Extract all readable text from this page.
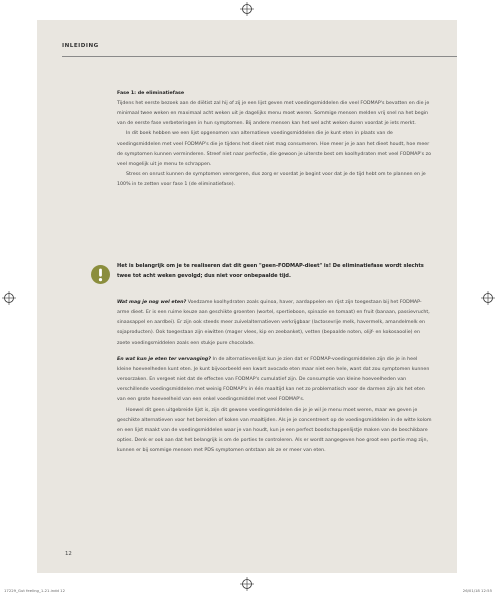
INLEIDING

Fase 1: de eliminatiefase

Tijdens het eerste bezoek aan de diëtist zal hij of zij je een lijst geven met voedingsmiddelen die veel FODMAP's bevatten en die je minimaal twee weken en maximaal acht weken uit je dagelijks menu moet weren. Sommige mensen melden vrij snel na het begin van de eerste fase verbeteringen in hun symptomen. Bij andere mensen kan het wel acht weken duren voordat je iets merkt.

In dit boek hebben we een lijst opgenomen van alternatieve voedingsmiddelen die je kunt eten in plaats van de voedingsmiddelen met veel FODMAP's die je tijdens het dieet niet mag consumeren. Hoe meer je je aan het dieet houdt, hoe meer de symptomen kunnen verminderen. Streef niet naar perfectie, die gewoon je uiterste best om koolhydraten met veel FODMAP's zo veel mogelijk uit je menu te schrappen.

Stress en onrust kunnen de symptomen verergeren, dus zorg er voordat je begint voor dat je de tijd hebt om te plannen en je 100% in te zetten voor fase 1 (de eliminatiefase).

Het is belangrijk om je te realiseren dat dit geen "geen-FODMAP-dieet" is! De eliminatiefase wordt slechts twee tot acht weken gevolgd; dus niet voor onbepaalde tijd.

Wat mag je nog wel eten? Voedzame koolhydraten zoals quinoa, haver, aardappelen en rijst zijn toegestaan bij het FODMAP-arme dieet. Er is een ruime keuze aan geschikte groenten (wortel, spertieboon, spinazie en tomaat) en fruit (banaan, passievrucht, sinaasappel en aardbei). Er zijn ook steeds meer zuivelalternatieven verkrijgbaar (lactosevrije melk, havermelk, amandelmelk en sojaproducten). Ook toegestaan zijn eiwitten (mager vlees, kip en zeebanket), vetten (bepaalde noten, olijf- en kokosaoolie) en zoete voedingsmiddelen zoals een stukje pure chocolade.

En wat kun je eten ter vervanging? In de alternatievenlijst kun je zien dat er FODMAP-voedingsmiddelen zijn die je in heel kleine hoeveelheden kunt eten. Je kunt bijvoorbeeld een kwart avocado eten maar niet een hele, want dat zou symptomen kunnen veroorzaken. En vergeet niet dat de effecten van FODMAP's cumulatief zijn. De consumptie van kleine hoeveelheden van verschillende voedingsmiddelen met weinig FODMAP's in één maaltijd kan net zo problematisch voor de darmen zijn als het eten van een grote hoeveelheid van een enkel voedingsmiddel met veel FODMAP's.

Hoewel dit geen uitgebreide lijst is, zijn dit gewone voedingsmiddelen die je je wil je menu moet weren, maar we geven je geschikte alternatieven voor het bereiden of koken van maaltijden. Als je je concentreert op de voedingsmiddelen in de witte kolom en een lijst maakt van de voedingsmiddelen waar je van houdt, kun je een perfect boodschappenlijstje maken van de beschikbare opties. Denk er ook aan dat het belangrijk is om de porties te controleren. Als er wordt aangegeven hoe groot een portie mag zijn, kunnen er bij sommige mensen met PDS symptomen ontstaan als ze er meer van eten.

12
17229_Gut feeling_1-21.indd 12	26/01/18 12:55
